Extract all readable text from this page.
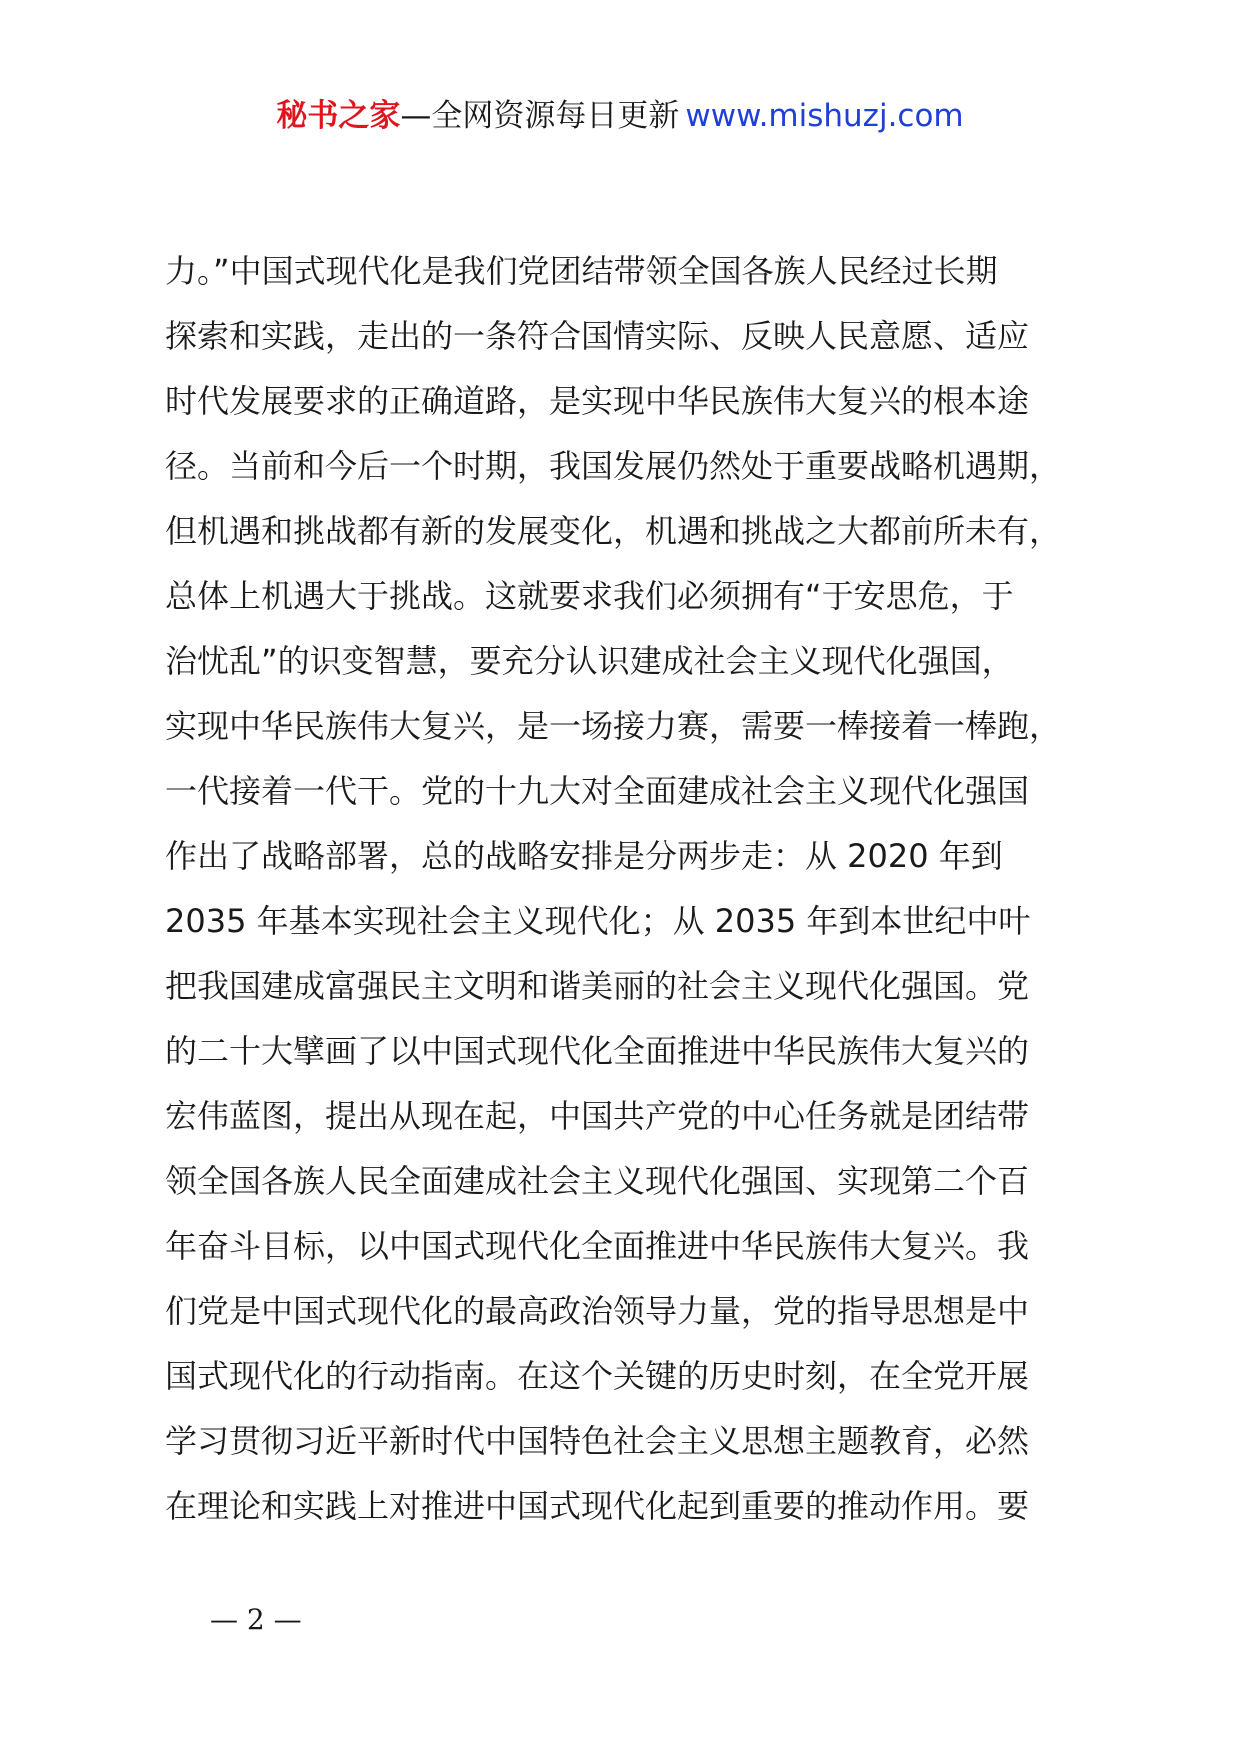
秘书之家—全网资源每日更新 www.mishuzj.com
力。”中国式现代化是我们党团结带领全国各族人民经过长期
探索和实践，走出的一条符合国情实际、反映人民意愿、适应
时代发展要求的正确道路，是实现中华民族伟大复兴的根本途
径。当前和今后一个时期，我国发展仍然处于重要战略机遇期，
但机遇和挑战都有新的发展变化，机遇和挑战之大都前所未有，
总体上机遇大于挑战。这就要求我们必须拥有“于安思危，于
治忧乱”的识变智慧，要充分认识建成社会主义现代化强国，
实现中华民族伟大复兴，是一场接力赛，需要一棒接着一棒跑，
一代接着一代干。党的十九大对全面建成社会主义现代化强国
作出了战略部署，总的战略安排是分两步走：从 2020 年到
2035 年基本实现社会主义现代化；从 2035 年到本世纪中叶
把我国建成富强民主文明和谐美丽的社会主义现代化强国。党
的二十大擘画了以中国式现代化全面推进中华民族伟大复兴的
宏伟蓝图，提出从现在起，中国共产党的中心任务就是团结带
领全国各族人民全面建成社会主义现代化强国、实现第二个百
年奋斗目标，以中国式现代化全面推进中华民族伟大复兴。我
们党是中国式现代化的最高政治领导力量，党的指导思想是中
国式现代化的行动指南。在这个关键的历史时刻，在全党开展
学习贯彻习近平新时代中国特色社会主义思想主题教育，必然
在理论和实践上对推进中国式现代化起到重要的推动作用。要
— 2 —
